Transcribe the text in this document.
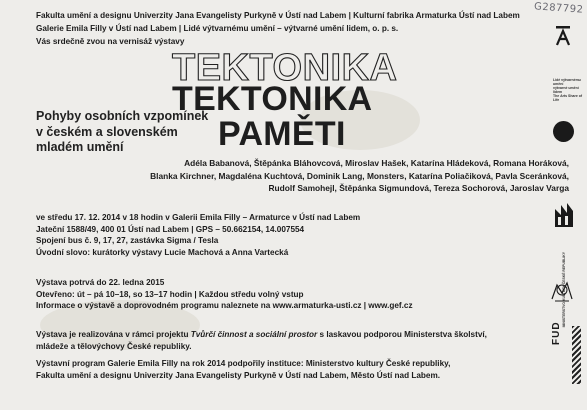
G287792
Fakulta umění a designu Univerzity Jana Evangelisty Purkyně v Ústí nad Labem | Kulturní fabrika Armaturka Ústí nad Labem
Galerie Emila Filly v Ústí nad Labem | Lidé výtvarnému umění – výtvarné umění lidem, o. p. s.
Vás srdečně zvou na vernisáž výstavy
TEKTONIKA
TEKTONIKA
PAMĚTI
Pohyby osobních vzpomínek
v českém a slovenském
mladém umění
Adéla Babanová, Štěpánka Bláhovcová, Miroslav Hašek, Katarína Hládeková, Romana Horáková,
Blanka Kirchner, Magdaléna Kuchtová, Dominik Lang, Monsters, Katarína Poliačiková, Pavla Sceránková,
Rudolf Samohejl, Štěpánka Sigmundová, Tereza Sochorová, Jaroslav Varga
ve středu 17. 12. 2014 v 18 hodin v Galerii Emila Filly – Armaturce v Ústí nad Labem
Jateční 1588/49, 400 01 Ústí nad Labem | GPS – 50.662154, 14.007554
Spojení bus č. 9, 17, 27, zastávka Sigma / Tesla
Úvodní slovo: kurátorky výstavy Lucie Machová a Anna Vartecká
Výstava potrvá do 22. ledna 2015
Otevřeno: út – pá 10–18, so 13–17 hodin | Každou středu volný vstup
Informace o výstavě a doprovodném programu naleznete na www.armaturka-usti.cz | www.gef.cz
Výstava je realizována v rámci projektu Tvůrčí činnost a sociální prostor s laskavou podporou Ministerstva školství,
mládeže a tělovýchovy České republiky.
Výstavní program Galerie Emila Filly na rok 2014 podpořily instituce: Ministerstvo kultury České republiky,
Fakulta umění a designu Univerzity Jana Evangelisty Purkyně v Ústí nad Labem, Město Ústí nad Labem.
Lidé výtvarnému umění
výtvarné umění lidem
The Arts Share of Life
MINISTERSTVO KULTURY ČESKÉ REPUBLIKY
FUD
